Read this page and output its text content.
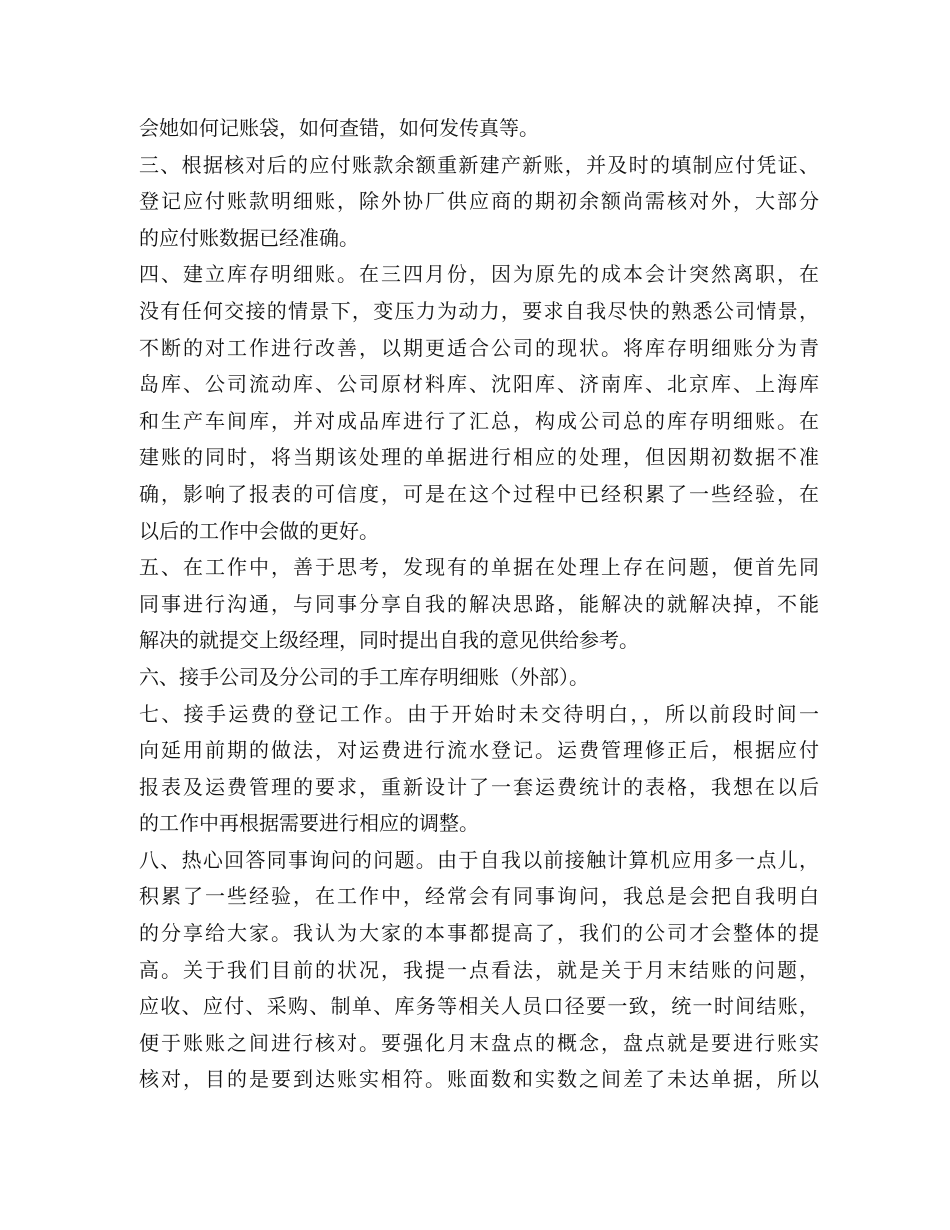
会她如何记账袋，如何查错，如何发传真等。
三、根据核对后的应付账款余额重新建产新账，并及时的填制应付凭证、
登记应付账款明细账，除外协厂供应商的期初余额尚需核对外，大部分
的应付账数据已经准确。
四、建立库存明细账。在三四月份，因为原先的成本会计突然离职，在
没有任何交接的情景下，变压力为动力，要求自我尽快的熟悉公司情景，
不断的对工作进行改善，以期更适合公司的现状。将库存明细账分为青
岛库、公司流动库、公司原材料库、沈阳库、济南库、北京库、上海库
和生产车间库，并对成品库进行了汇总，构成公司总的库存明细账。在
建账的同时，将当期该处理的单据进行相应的处理，但因期初数据不准
确，影响了报表的可信度，可是在这个过程中已经积累了一些经验，在
以后的工作中会做的更好。
五、在工作中，善于思考，发现有的单据在处理上存在问题，便首先同
同事进行沟通，与同事分享自我的解决思路，能解决的就解决掉，不能
解决的就提交上级经理，同时提出自我的意见供给参考。
六、接手公司及分公司的手工库存明细账（外部）。
七、接手运费的登记工作。由于开始时未交待明白，，所以前段时间一
向延用前期的做法，对运费进行流水登记。运费管理修正后，根据应付
报表及运费管理的要求，重新设计了一套运费统计的表格，我想在以后
的工作中再根据需要进行相应的调整。
八、热心回答同事询问的问题。由于自我以前接触计算机应用多一点儿，
积累了一些经验，在工作中，经常会有同事询问，我总是会把自我明白
的分享给大家。我认为大家的本事都提高了，我们的公司才会整体的提
高。关于我们目前的状况，我提一点看法，就是关于月末结账的问题，
应收、应付、采购、制单、库务等相关人员口径要一致，统一时间结账，
便于账账之间进行核对。要强化月末盘点的概念，盘点就是要进行账实
核对，目的是要到达账实相符。账面数和实数之间差了未达单据，所以
